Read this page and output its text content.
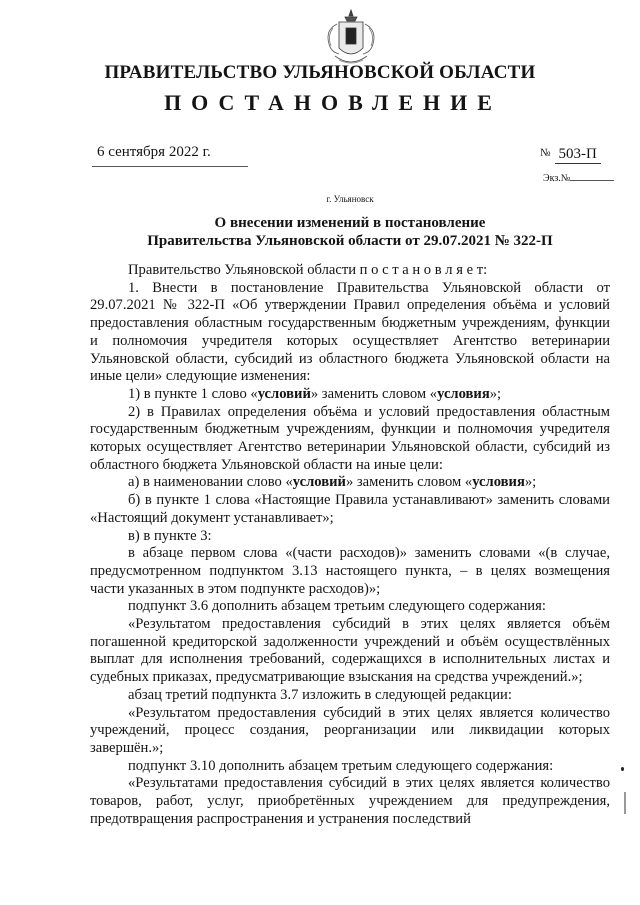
ПРАВИТЕЛЬСТВО УЛЬЯНОВСКОЙ ОБЛАСТИ
ПОСТАНОВЛЕНИЕ
6 сентября 2022 г.	№ 503-П
Экз.№
г. Ульяновск
О внесении изменений в постановление
Правительства Ульяновской области от 29.07.2021 № 322-П

Правительство Ульяновской области п о с т а н о в л я е т:

1. Внести в постановление Правительства Ульяновской области от 29.07.2021 № 322-П «Об утверждении Правил определения объёма и условий предоставления областным государственным бюджетным учреждениям, функции и полномочия учредителя которых осуществляет Агентство ветеринарии Ульяновской области, субсидий из областного бюджета Ульяновской области на иные цели» следующие изменения:

1) в пункте 1 слово «условий» заменить словом «условия»;

2) в Правилах определения объёма и условий предоставления областным государственным бюджетным учреждениям, функции и полномочия учредителя которых осуществляет Агентство ветеринарии Ульяновской области, субсидий из областного бюджета Ульяновской области на иные цели:

а) в наименовании слово «условий» заменить словом «условия»;

б) в пункте 1 слова «Настоящие Правила устанавливают» заменить словами «Настоящий документ устанавливает»;

в) в пункте 3:

в абзаце первом слова «(части расходов)» заменить словами «(в случае, предусмотренном подпунктом 3.13 настоящего пункта, – в целях возмещения части указанных в этом подпункте расходов)»;

подпункт 3.6 дополнить абзацем третьим следующего содержания:

«Результатом предоставления субсидий в этих целях является объём погашенной кредиторской задолженности учреждений и объём осуществлённых выплат для исполнения требований, содержащихся в исполнительных листах и судебных приказах, предусматривающие взыскания на средства учреждений.»;

абзац третий подпункта 3.7 изложить в следующей редакции:

«Результатом предоставления субсидий в этих целях является количество учреждений, процесс создания, реорганизации или ликвидации которых завершён.»;

подпункт 3.10 дополнить абзацем третьим следующего содержания:

«Результатами предоставления субсидий в этих целях является количество товаров, работ, услуг, приобретённых учреждением для предупреждения, предотвращения распространения и устранения последствий
